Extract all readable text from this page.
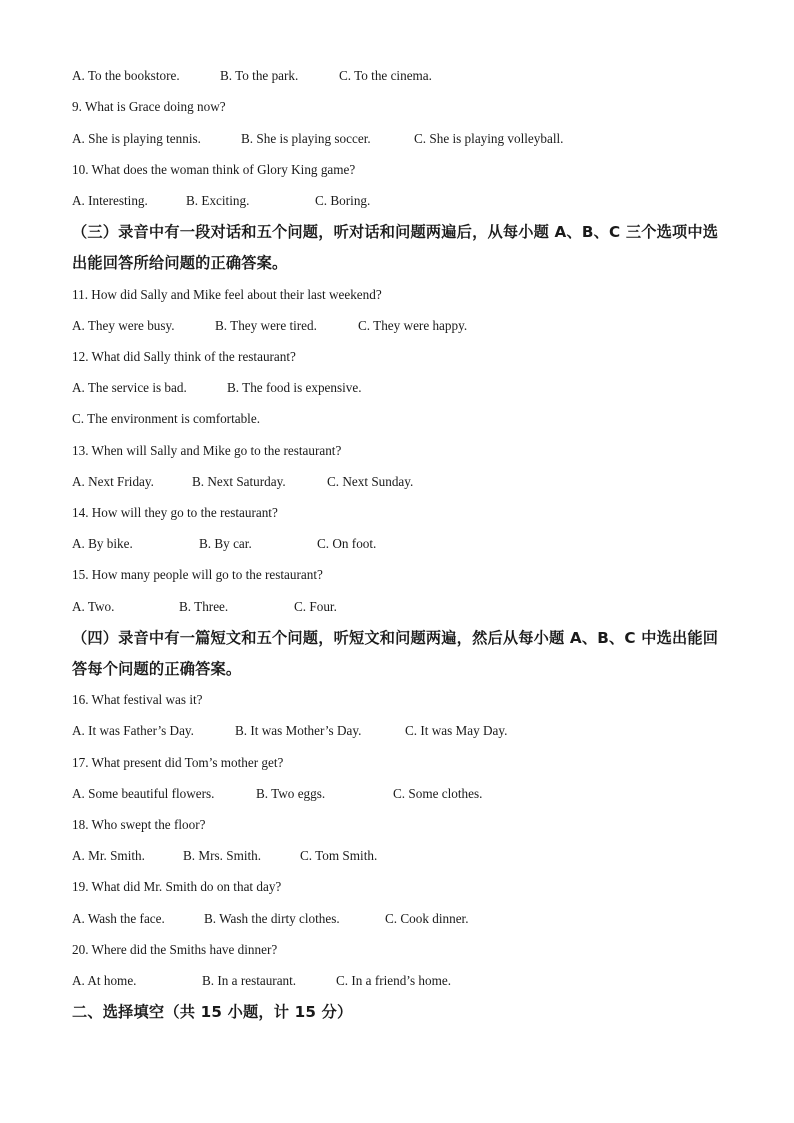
A. To the bookstore.	B. To the park.	C. To the cinema.
9. What is Grace doing now?
A. She is playing tennis.	B. She is playing soccer.	C. She is playing volleyball.
10. What does the woman think of Glory King game?
A. Interesting.	B. Exciting.	C. Boring.
（三）录音中有一段对话和五个问题，听对话和问题两遍后，从每小题 A、B、C 三个选项中选出能回答所给问题的正确答案。
11. How did Sally and Mike feel about their last weekend?
A. They were busy.	B. They were tired.	C. They were happy.
12. What did Sally think of the restaurant?
A. The service is bad.	B. The food is expensive.
C. The environment is comfortable.
13. When will Sally and Mike go to the restaurant?
A. Next Friday.	B. Next Saturday.	C. Next Sunday.
14. How will they go to the restaurant?
A. By bike.	B. By car.	C. On foot.
15. How many people will go to the restaurant?
A. Two.	B. Three.	C. Four.
（四）录音中有一篇短文和五个问题，听短文和问题两遍，然后从每小题 A、B、C 中选出能回答每个问题的正确答案。
16. What festival was it?
A. It was Father’s Day.	B. It was Mother’s Day.	C. It was May Day.
17. What present did Tom’s mother get?
A. Some beautiful flowers.	B. Two eggs.	C. Some clothes.
18. Who swept the floor?
A. Mr. Smith.	B. Mrs. Smith.	C. Tom Smith.
19. What did Mr. Smith do on that day?
A. Wash the face.	B. Wash the dirty clothes.	C. Cook dinner.
20. Where did the Smiths have dinner?
A. At home.	B. In a restaurant.	C. In a friend’s home.
二、选择填空（共 15 小题，计 15 分）
